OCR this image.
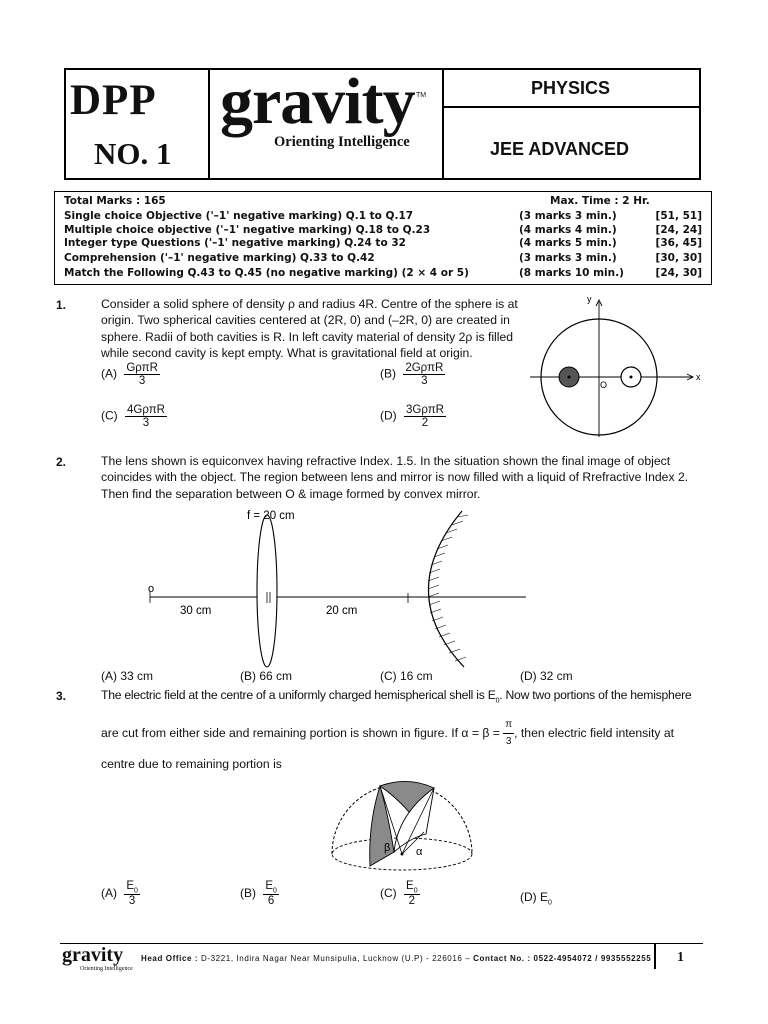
DPP
NO. 1
gravity TM
Orienting Intelligence
PHYSICS
JEE ADVANCED
Total Marks : 165	Max. Time : 2 Hr.
Single choice Objective ('–1' negative marking) Q.1 to Q.17	(3 marks 3 min.)	[51, 51]
Multiple choice objective ('–1' negative marking) Q.18 to Q.23	(4 marks 4 min.)	[24, 24]
Integer type Questions ('–1' negative marking) Q.24 to 32	(4 marks 5 min.)	[36, 45]
Comprehension ('–1' negative marking) Q.33 to Q.42	(3 marks 3 min.)	[30, 30]
Match the Following Q.43 to Q.45 (no negative marking) (2 × 4 or 5)	(8 marks 10 min.)	[24, 30]
1.	Consider a solid sphere of density ρ and radius 4R. Centre of the sphere is at
origin. Two spherical cavities centered at (2R, 0) and (–2R, 0) are created in
sphere. Radii of both cavities is R. In left cavity material of density 2ρ is filled
while second cavity is kept empty. What is gravitational field at origin.
$(A) \frac{\text{GρπR}}{3}$	$(B) \frac{\text{2GρπR}}{3}$
$(C) \frac{\text{4GρπR}}{3}$	$(D) \frac{\text{3GρπR}}{2}$
x
y
O
2.	The lens shown is equiconvex having refractive Index. 1.5. In the situation shown the final image of object
coincides with the object. The region between lens and mirror is now filled with a liquid of Rrefractive Index 2.
Then find the separation between O & image formed by convex mirror.
f = 20 cm
o
30 cm	20 cm
(A) 33 cm	(B) 66 cm	(C) 16 cm	(D) 32 cm
3.	The electric field at the centre of a uniformly charged hemispherical shell is $E_0$. Now two portions of the hemisphere
are cut from either side and remaining portion is shown in figure. If $\alpha = \beta = \frac{\pi}{3}$ , then electric field intensity at
centre due to remaining portion is
β α
$(A) \frac{E_0}{3}$	$(B) \frac{E_0}{6}$	$(C) \frac{E_0}{2}$	(D) $E_0$
gravity
Orienting Intelligence
Head Office : D-3221, Indira Nagar Near Munsipulia, Lucknow (U.P) - 226016 – Contact No. : 0522-4954072 / 9935552255 1
